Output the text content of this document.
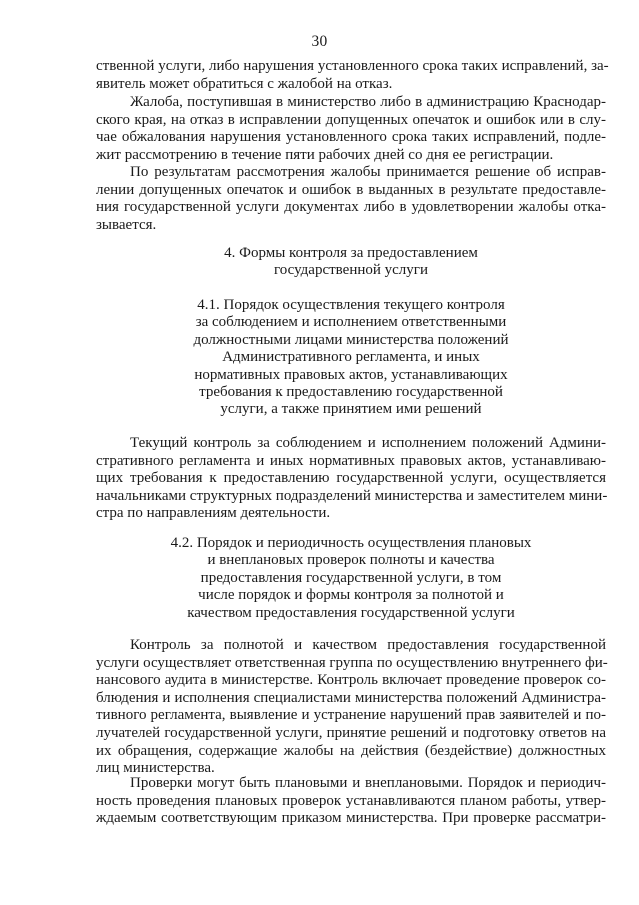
30
ственной услуги, либо нарушения установленного срока таких исправлений, за-
явитель может обратиться с жалобой на отказ.
Жалоба, поступившая в министерство либо в администрацию Краснодар-
ского края, на отказ в исправлении допущенных опечаток и ошибок или в слу-
чае обжалования нарушения установленного срока таких исправлений, подле-
жит рассмотрению в течение пяти рабочих дней со дня ее регистрации.
По результатам рассмотрения жалобы принимается решение об исправ-
лении допущенных опечаток и ошибок в выданных в результате предоставле-
ния государственной услуги документах либо в удовлетворении жалобы отка-
зывается.
4. Формы контроля за предоставлением
государственной услуги
4.1. Порядок осуществления текущего контроля
за соблюдением и исполнением ответственными
должностными лицами министерства положений
Административного регламента, и иных
нормативных правовых актов, устанавливающих
требования к предоставлению государственной
услуги, а также принятием ими решений
Текущий контроль за соблюдением и исполнением положений Админи-
стративного регламента и иных нормативных правовых актов, устанавливаю-
щих требования к предоставлению государственной услуги, осуществляется
начальниками структурных подразделений министерства и заместителем мини-
стра по направлениям деятельности.
4.2. Порядок и периодичность осуществления плановых
и внеплановых проверок полноты и качества
предоставления государственной услуги, в том
числе порядок и формы контроля за полнотой и
качеством предоставления государственной услуги
Контроль за полнотой и качеством предоставления государственной
услуги осуществляет ответственная группа по осуществлению внутреннего фи-
нансового аудита в министерстве. Контроль включает проведение проверок со-
блюдения и исполнения специалистами министерства положений Администра-
тивного регламента, выявление и устранение нарушений прав заявителей и по-
лучателей государственной услуги, принятие решений и подготовку ответов на
их обращения, содержащие жалобы на действия (бездействие) должностных
лиц министерства.
Проверки могут быть плановыми и внеплановыми. Порядок и периодич-
ность проведения плановых проверок устанавливаются планом работы, утвер-
ждаемым соответствующим приказом министерства. При проверке рассматри-
